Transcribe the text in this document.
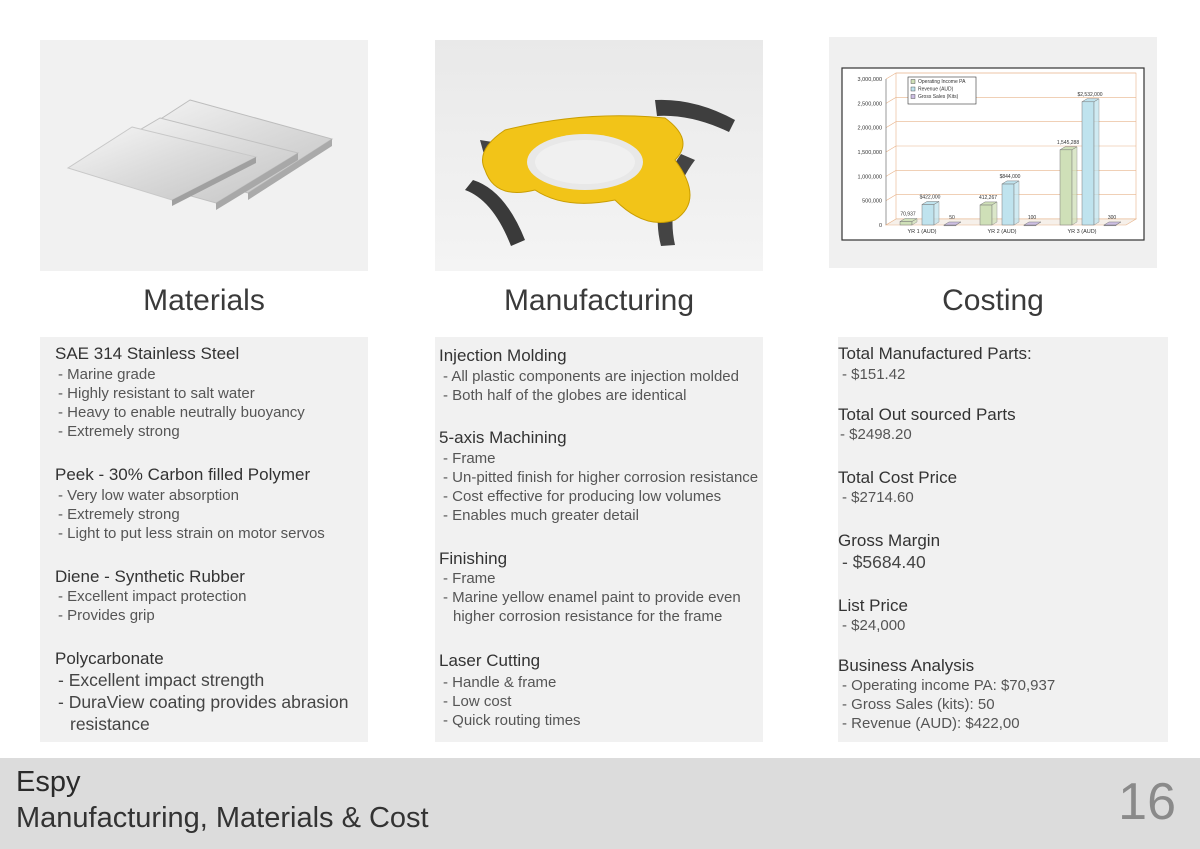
0
500,000
1,000,000
1,500,000
2,000,000
2,500,000
3,000,000
YR 1 (AUD)
70,937
$422,000
50
YR 2 (AUD)
412,267
$844,000
100
YR 3 (AUD)
1,545,288
$2,532,000
300
Operating Income PA
Revenue (AUD)
Gross Sales (Kits)
Materials	Manufacturing	Costing
SAE 314 Stainless Steel
- Marine grade
- Highly resistant to salt water
- Heavy to enable neutrally buoyancy
- Extremely strong
Peek - 30% Carbon filled Polymer
- Very low water absorption
- Extremely strong
- Light to put less strain on motor servos
Diene - Synthetic Rubber
- Excellent impact protection
- Provides grip
Polycarbonate
- Excellent impact strength
- DuraView coating provides abrasion
resistance
Injection Molding
- All plastic components are injection molded
- Both half of the globes are identical
5-axis Machining
- Frame
- Un-pitted finish for higher corrosion resistance
- Cost effective for producing low volumes
- Enables much greater detail
Finishing
- Frame
- Marine yellow enamel paint to provide even
higher corrosion resistance for the frame
Laser Cutting
- Handle & frame
- Low cost
- Quick routing times
Total Manufactured Parts:
- $151.42
Total Out sourced Parts
- $2498.20
Total Cost Price
- $2714.60
Gross Margin
- $5684.40
List Price
- $24,000
Business Analysis
- Operating income PA: $70,937
- Gross Sales (kits): 50
- Revenue (AUD): $422,00
Espy
Manufacturing, Materials & Cost	16
